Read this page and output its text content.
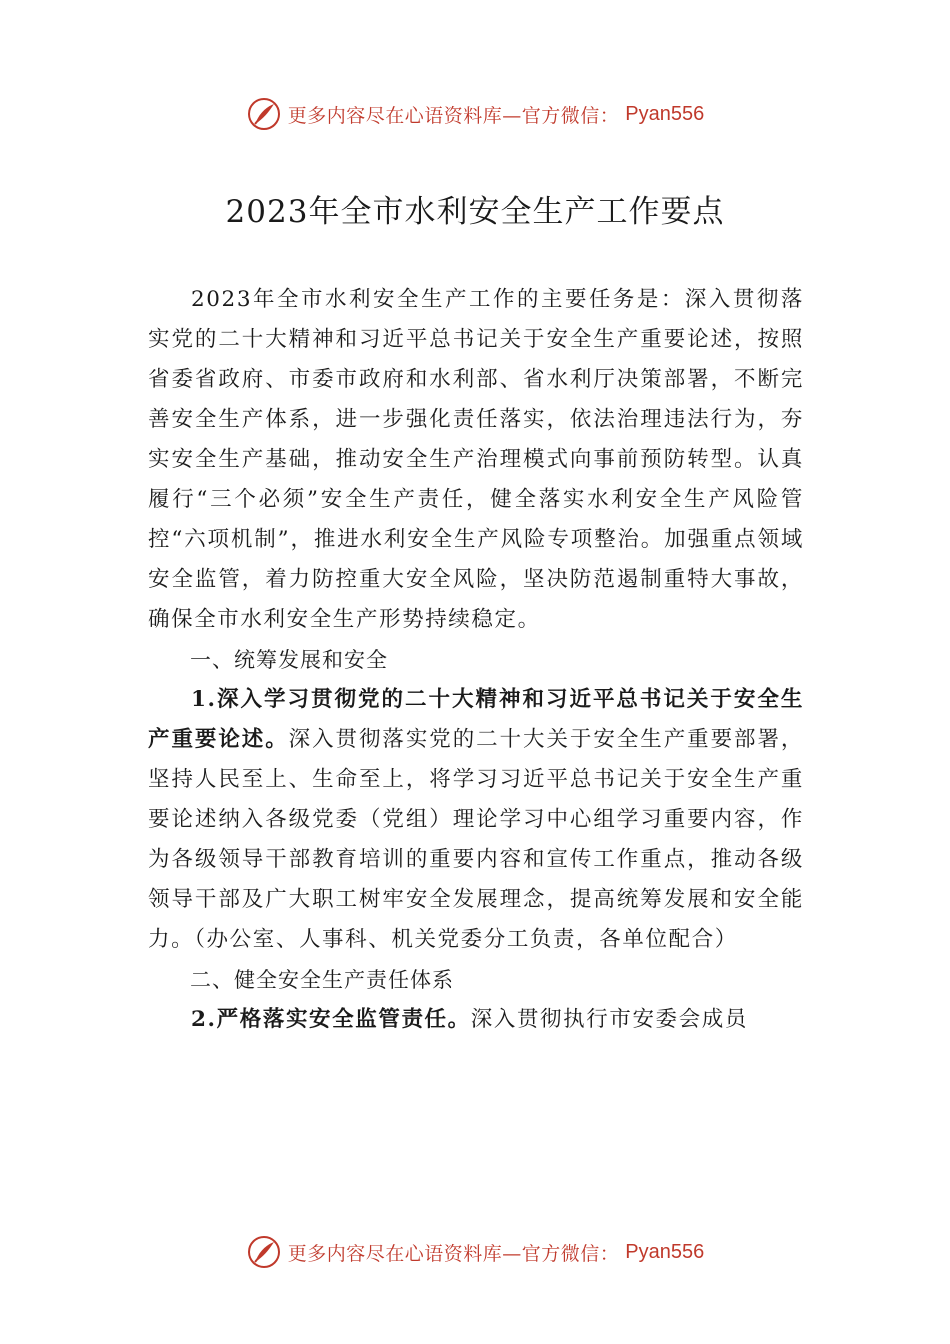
更多内容尽在心语资料库—官方微信： Pyan556
2023年全市水利安全生产工作要点

2023年全市水利安全生产工作的主要任务是：深入贯彻落实党的二十大精神和习近平总书记关于安全生产重要论述，按照省委省政府、市委市政府和水利部、省水利厅决策部署，不断完善安全生产体系，进一步强化责任落实，依法治理违法行为，夯实安全生产基础，推动安全生产治理模式向事前预防转型。认真履行“三个必须”安全生产责任，健全落实水利安全生产风险管控“六项机制”，推进水利安全生产风险专项整治。加强重点领域安全监管，着力防控重大安全风险，坚决防范遏制重特大事故，确保全市水利安全生产形势持续稳定。

一、统筹发展和安全

1.深入学习贯彻党的二十大精神和习近平总书记关于安全生产重要论述。深入贯彻落实党的二十大关于安全生产重要部署，坚持人民至上、生命至上，将学习习近平总书记关于安全生产重要论述纳入各级党委（党组）理论学习中心组学习重要内容，作为各级领导干部教育培训的重要内容和宣传工作重点，推动各级领导干部及广大职工树牢安全发展理念，提高统筹发展和安全能力。（办公室、人事科、机关党委分工负责，各单位配合）

二、健全安全生产责任体系

2.严格落实安全监管责任。深入贯彻执行市安委会成员

更多内容尽在心语资料库—官方微信： Pyan556
